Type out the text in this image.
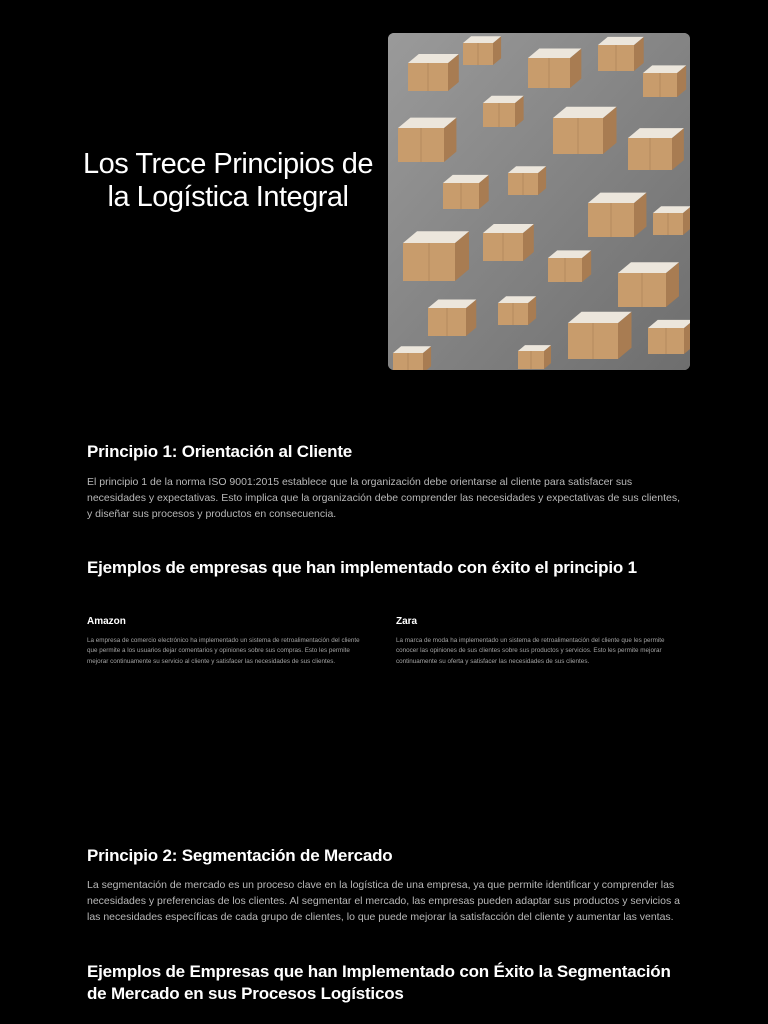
Los Trece Principios de la Logística Integral
Principio 1: Orientación al Cliente

El principio 1 de la norma ISO 9001:2015 establece que la organización debe orientarse al cliente para satisfacer sus necesidades y expectativas. Esto implica que la organización debe comprender las necesidades y expectativas de sus clientes, y diseñar sus procesos y productos en consecuencia.

Ejemplos de empresas que han implementado con éxito el principio 1

Amazon

La empresa de comercio electrónico ha implementado un sistema de retroalimentación del cliente que permite a los usuarios dejar comentarios y opiniones sobre sus compras. Esto les permite mejorar continuamente su servicio al cliente y satisfacer las necesidades de sus clientes.

Zara

La marca de moda ha implementado un sistema de retroalimentación del cliente que les permite conocer las opiniones de sus clientes sobre sus productos y servicios. Esto les permite mejorar continuamente su oferta y satisfacer las necesidades de sus clientes.

Principio 2: Segmentación de Mercado

La segmentación de mercado es un proceso clave en la logística de una empresa, ya que permite identificar y comprender las necesidades y preferencias de los clientes. Al segmentar el mercado, las empresas pueden adaptar sus productos y servicios a las necesidades específicas de cada grupo de clientes, lo que puede mejorar la satisfacción del cliente y aumentar las ventas.

Ejemplos de Empresas que han Implementado con Éxito la Segmentación de Mercado en sus Procesos Logísticos
